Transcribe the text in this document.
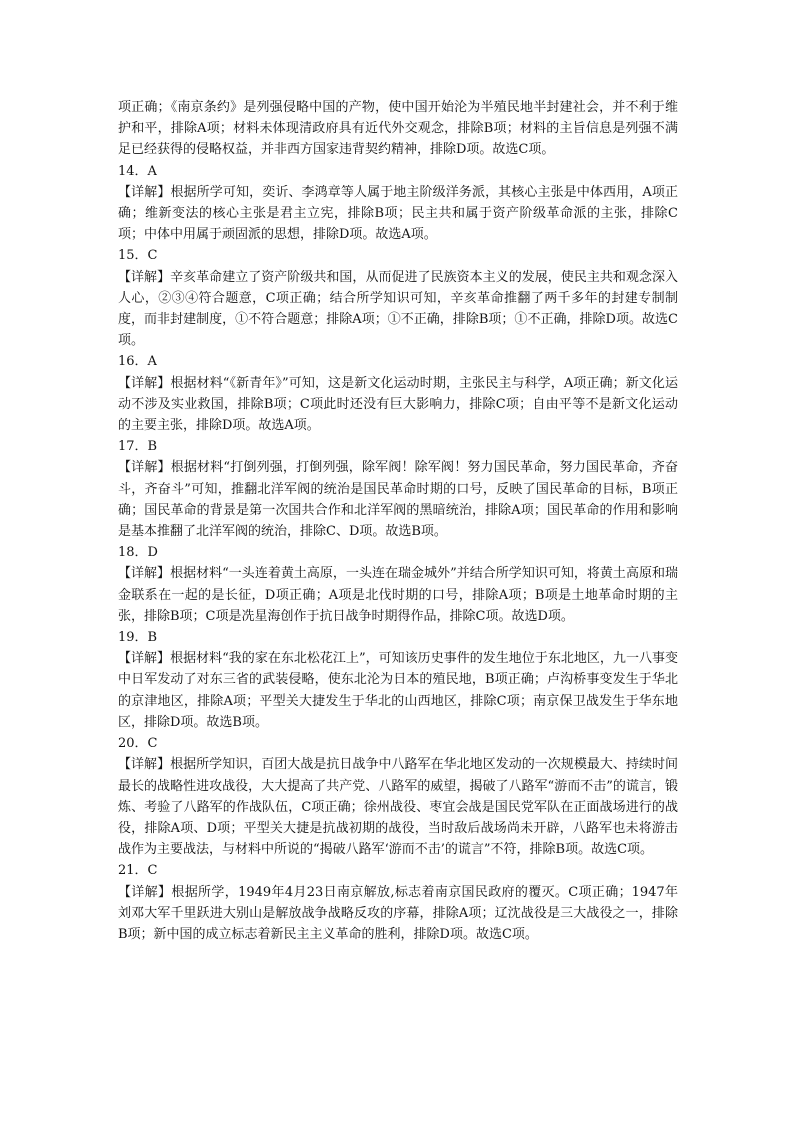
项正确；《南京条约》是列强侵略中国的产物，使中国开始沦为半殖民地半封建社会，并不利于维护和平，排除A项；材料未体现清政府具有近代外交观念，排除B项；材料的主旨信息是列强不满足已经获得的侵略权益，并非西方国家违背契约精神，排除D项。故选C项。
14．A
【详解】根据所学可知，奕䜣、李鸿章等人属于地主阶级洋务派，其核心主张是中体西用，A项正确；维新变法的核心主张是君主立宪，排除B项；民主共和属于资产阶级革命派的主张，排除C项；中体中用属于顽固派的思想，排除D项。故选A项。
15．C
【详解】辛亥革命建立了资产阶级共和国，从而促进了民族资本主义的发展，使民主共和观念深入人心，②③④符合题意，C项正确；结合所学知识可知，辛亥革命推翻了两千多年的封建专制制度，而非封建制度，①不符合题意；排除A项；①不正确，排除B项；①不正确，排除D项。故选C项。
16．A
【详解】根据材料“《新青年》”可知，这是新文化运动时期，主张民主与科学，A项正确；新文化运动不涉及实业救国，排除B项；C项此时还没有巨大影响力，排除C项；自由平等不是新文化运动的主要主张，排除D项。故选A项。
17．B
【详解】根据材料“打倒列强，打倒列强，除军阀！除军阀！努力国民革命，努力国民革命，齐奋斗，齐奋斗”可知，推翻北洋军阀的统治是国民革命时期的口号，反映了国民革命的目标，B项正确；国民革命的背景是第一次国共合作和北洋军阀的黑暗统治，排除A项；国民革命的作用和影响是基本推翻了北洋军阀的统治，排除C、D项。故选B项。
18．D
【详解】根据材料“一头连着黄土高原，一头连在瑞金城外”并结合所学知识可知，将黄土高原和瑞金联系在一起的是长征，D项正确；A项是北伐时期的口号，排除A项；B项是土地革命时期的主张，排除B项；C项是冼星海创作于抗日战争时期得作品，排除C项。故选D项。
19．B
【详解】根据材料“我的家在东北松花江上”，可知该历史事件的发生地位于东北地区，九一八事变中日军发动了对东三省的武装侵略，使东北沦为日本的殖民地，B项正确；卢沟桥事变发生于华北的京津地区，排除A项；平型关大捷发生于华北的山西地区，排除C项；南京保卫战发生于华东地区，排除D项。故选B项。
20．C
【详解】根据所学知识，百团大战是抗日战争中八路军在华北地区发动的一次规模最大、持续时间最长的战略性进攻战役，大大提高了共产党、八路军的威望，揭破了八路军“游而不击”的谎言，锻炼、考验了八路军的作战队伍，C项正确；徐州战役、枣宜会战是国民党军队在正面战场进行的战役，排除A项、D项；平型关大捷是抗战初期的战役，当时敌后战场尚未开辟，八路军也未将游击战作为主要战法，与材料中所说的“揭破八路军‘游而不击’的谎言”不符，排除B项。故选C项。
21．C
【详解】根据所学，1949年4月23日南京解放,标志着南京国民政府的覆灭。C项正确；1947年刘邓大军千里跃进大别山是解放战争战略反攻的序幕，排除A项；辽沈战役是三大战役之一，排除B项；新中国的成立标志着新民主主义革命的胜利，排除D项。故选C项。
